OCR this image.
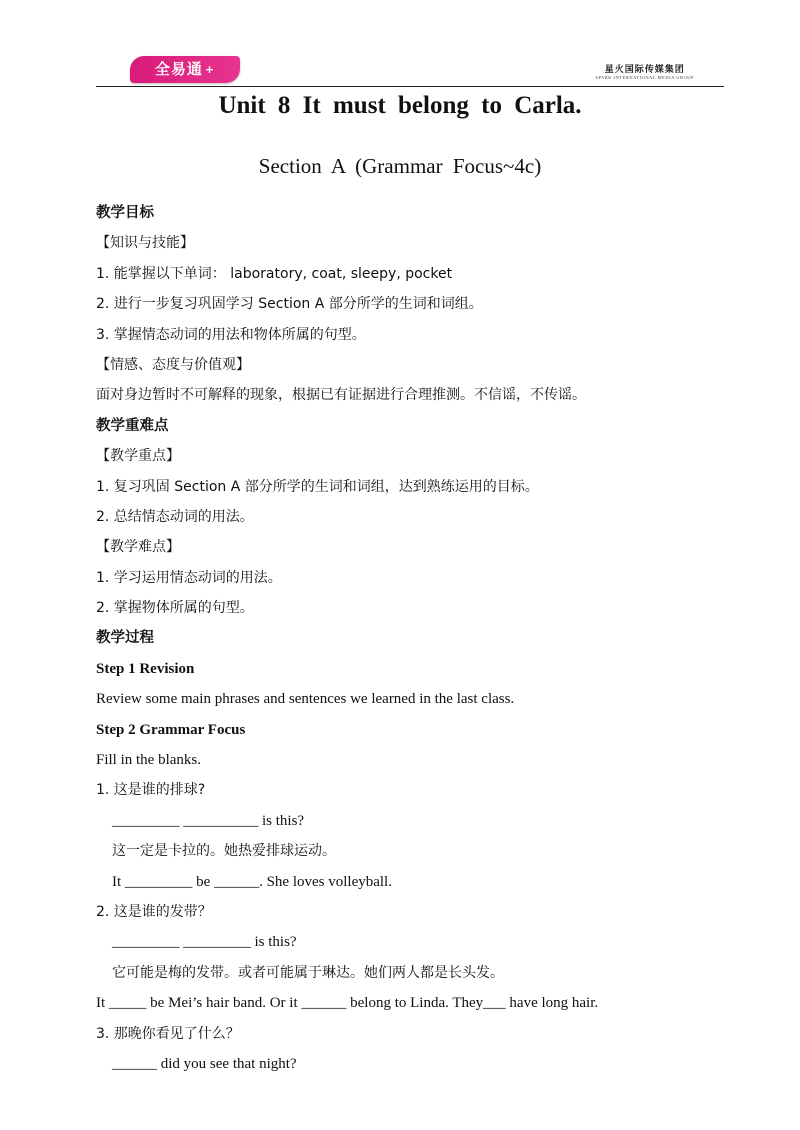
全易通 +	星火国际传媒集团
SPARK INTERNATIONAL MEDIA GROUP
Unit 8 It must belong to Carla.
Section A (Grammar Focus~4c)
教学目标
【知识与技能】
1. 能掌握以下单词： laboratory, coat, sleepy, pocket
2. 进行一步复习巩固学习 Section A 部分所学的生词和词组。
3. 掌握情态动词的用法和物体所属的句型。
【情感、态度与价值观】
面对身边暂时不可解释的现象，根据已有证据进行合理推测。不信谣，不传谣。
教学重难点
【教学重点】
1. 复习巩固 Section A 部分所学的生词和词组，达到熟练运用的目标。
2. 总结情态动词的用法。
【教学难点】
1. 学习运用情态动词的用法。
2. 掌握物体所属的句型。
教学过程
Step 1 Revision
Review some main phrases and sentences we learned in the last class.
Step 2 Grammar Focus
Fill in the blanks.
1. 这是谁的排球?
_________ __________ is this?
这一定是卡拉的。她热爱排球运动。
It _________ be ______. She loves volleyball.
2. 这是谁的发带？
_________ _________ is this?
它可能是梅的发带。或者可能属于琳达。她们两人都是长头发。
It _____ be Mei’s hair band. Or it ______ belong to Linda. They___ have long hair.
3. 那晚你看见了什么？
______ did you see that night?
